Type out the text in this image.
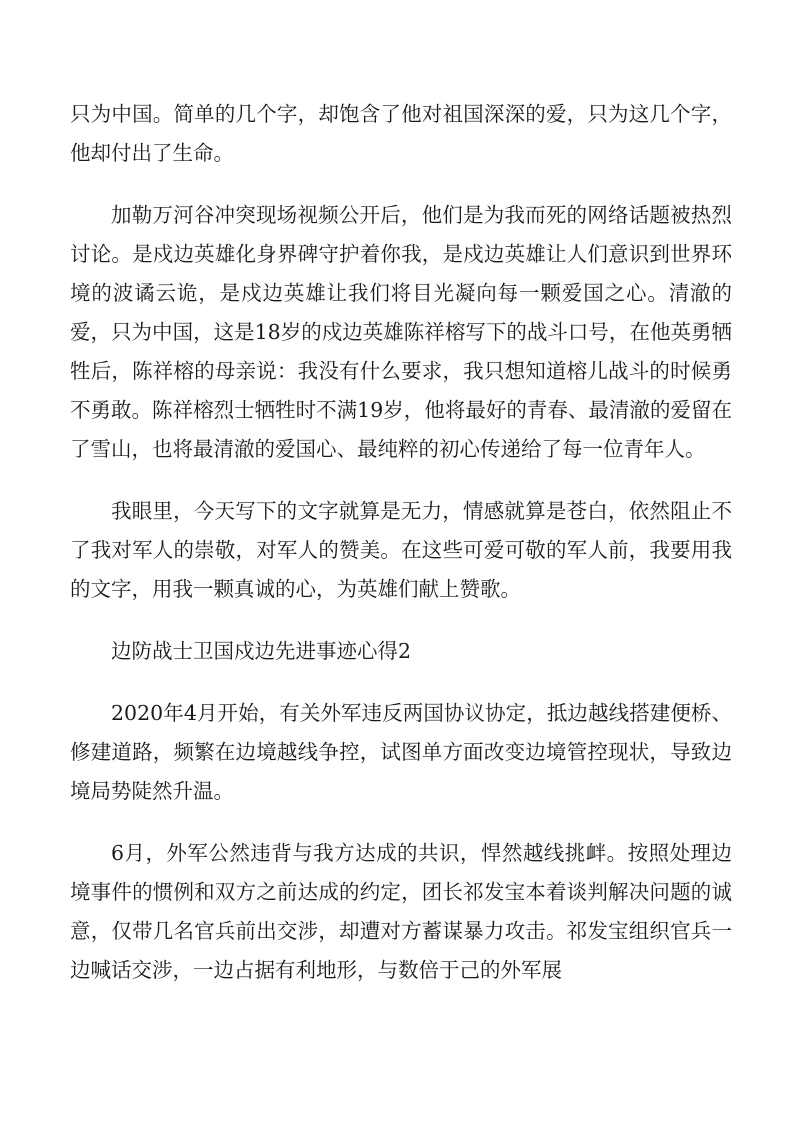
只为中国。简单的几个字，却饱含了他对祖国深深的爱，只为这几个字，他却付出了生命。

加勒万河谷冲突现场视频公开后，他们是为我而死的网络话题被热烈讨论。是戍边英雄化身界碑守护着你我，是戍边英雄让人们意识到世界环境的波谲云诡，是戍边英雄让我们将目光凝向每一颗爱国之心。清澈的爱，只为中国，这是18岁的戍边英雄陈祥榕写下的战斗口号，在他英勇牺牲后，陈祥榕的母亲说：我没有什么要求，我只想知道榕儿战斗的时候勇不勇敢。陈祥榕烈士牺牲时不满19岁，他将最好的青春、最清澈的爱留在了雪山，也将最清澈的爱国心、最纯粹的初心传递给了每一位青年人。

我眼里，今天写下的文字就算是无力，情感就算是苍白，依然阻止不了我对军人的崇敬，对军人的赞美。在这些可爱可敬的军人前，我要用我的文字，用我一颗真诚的心，为英雄们献上赞歌。

边防战士卫国戍边先进事迹心得2

2020年4月开始，有关外军违反两国协议协定，抵边越线搭建便桥、修建道路，频繁在边境越线争控，试图单方面改变边境管控现状，导致边境局势陡然升温。

6月，外军公然违背与我方达成的共识，悍然越线挑衅。按照处理边境事件的惯例和双方之前达成的约定，团长祁发宝本着谈判解决问题的诚意，仅带几名官兵前出交涉，却遭对方蓄谋暴力攻击。祁发宝组织官兵一边喊话交涉，一边占据有利地形，与数倍于己的外军展
